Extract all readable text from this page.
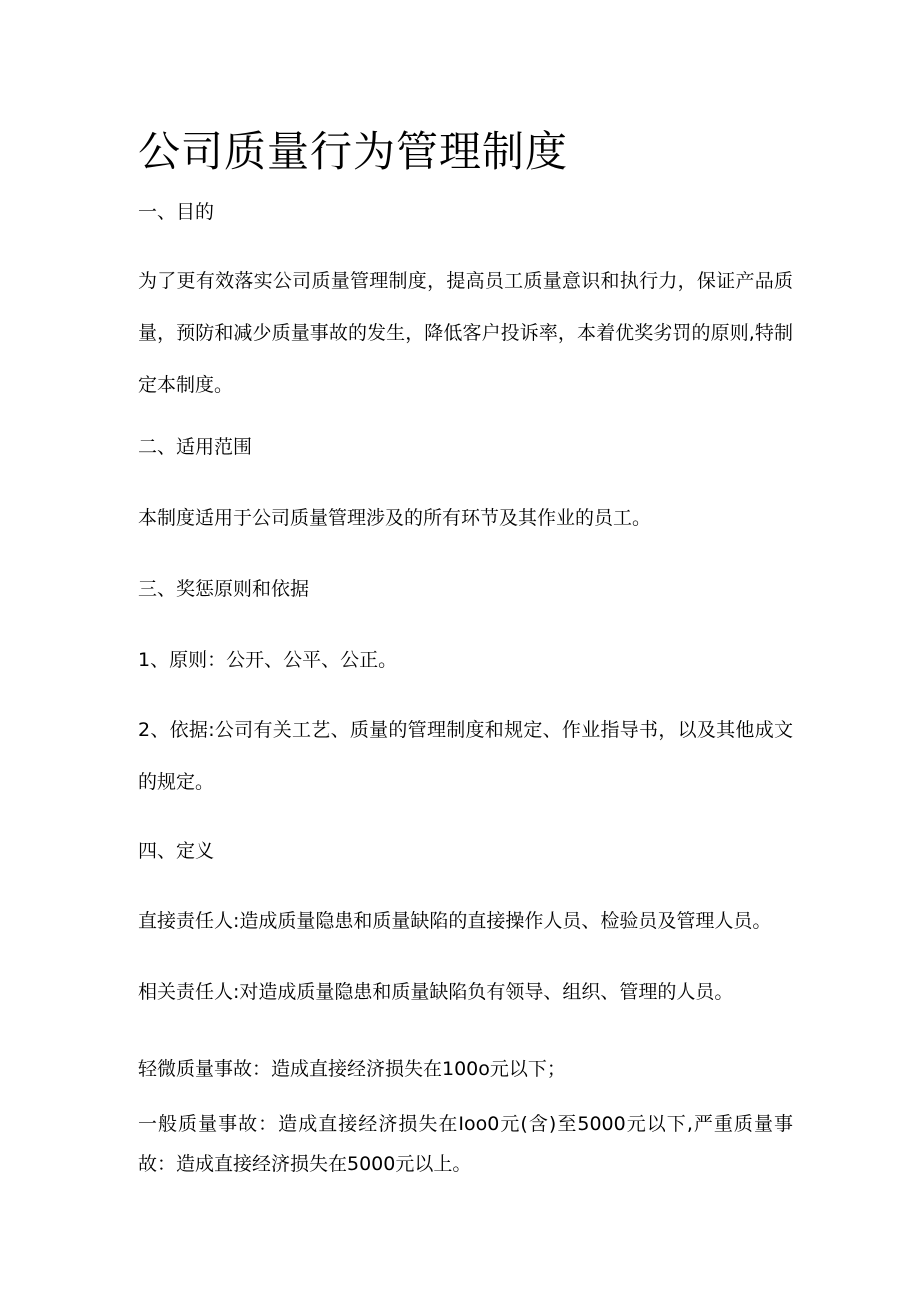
公司质量行为管理制度
一、目的
为了更有效落实公司质量管理制度，提高员工质量意识和执行力，保证产品质量，预防和减少质量事故的发生，降低客户投诉率，本着优奖劣罚的原则,特制定本制度。
二、适用范围
本制度适用于公司质量管理涉及的所有环节及其作业的员工。
三、奖惩原则和依据
1、原则：公开、公平、公正。
2、依据:公司有关工艺、质量的管理制度和规定、作业指导书，以及其他成文的规定。
四、定义
直接责任人:造成质量隐患和质量缺陷的直接操作人员、检验员及管理人员。
相关责任人:对造成质量隐患和质量缺陷负有领导、组织、管理的人员。
轻微质量事故：造成直接经济损失在100o元以下；
一般质量事故：造成直接经济损失在Ioo0元(含)至5000元以下,严重质量事故：造成直接经济损失在5000元以上。
